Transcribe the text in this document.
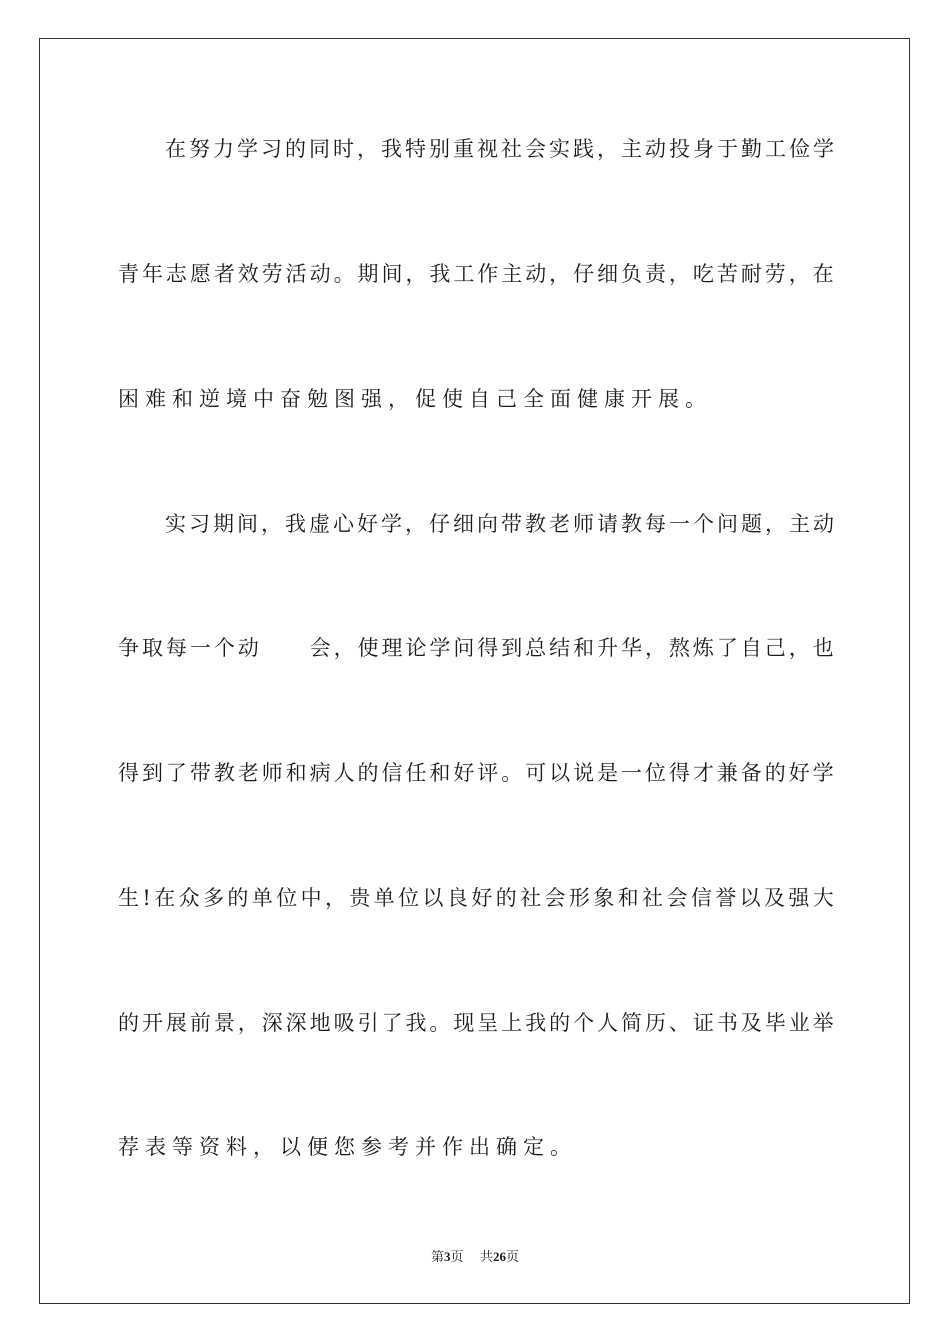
在 努 力 学 习 的 同 时 ， 我 特 别 重 视 社 会 实 践 ， 主 动 投 身 于 勤 工 俭 学
青 年 志 愿 者 效 劳 活 动 。 期 间 ， 我 工 作 主 动 ， 仔 细 负 责 ， 吃 苦 耐 劳 ， 在
困 难 和 逆 境 中 奋 勉 图 强 ， 促 使 自 己 全 面 健 康 开 展 。
实 习 期 间 ， 我 虚 心 好 学 ， 仔 细 向 带 教 老 师 请 教 每 一 个 问 题 ， 主 动
争 取 每 一 个 动

　 会 ， 使 理 论 学 问 得 到 总 结 和 升 华 ， 熬 炼 了 自 己 ， 也
得 到 了 带 教 老 师 和 病 人 的 信 任 和 好 评 。 可 以 说 是 一 位 得 才 兼 备 的 好 学
生 ! 在 众 多 的 单 位 中 ， 贵 单 位 以 良 好 的 社 会 形 象 和 社 会 信 誉 以 及 强 大
的 开 展 前 景 ， 深 深 地 吸 引 了 我 。 现 呈 上 我 的 个 人 简 历 、 证 书 及 毕 业 举
荐 表 等 资 料 ， 以 便 您 参 考 并 作 出 确 定 。
第3页 共26页
